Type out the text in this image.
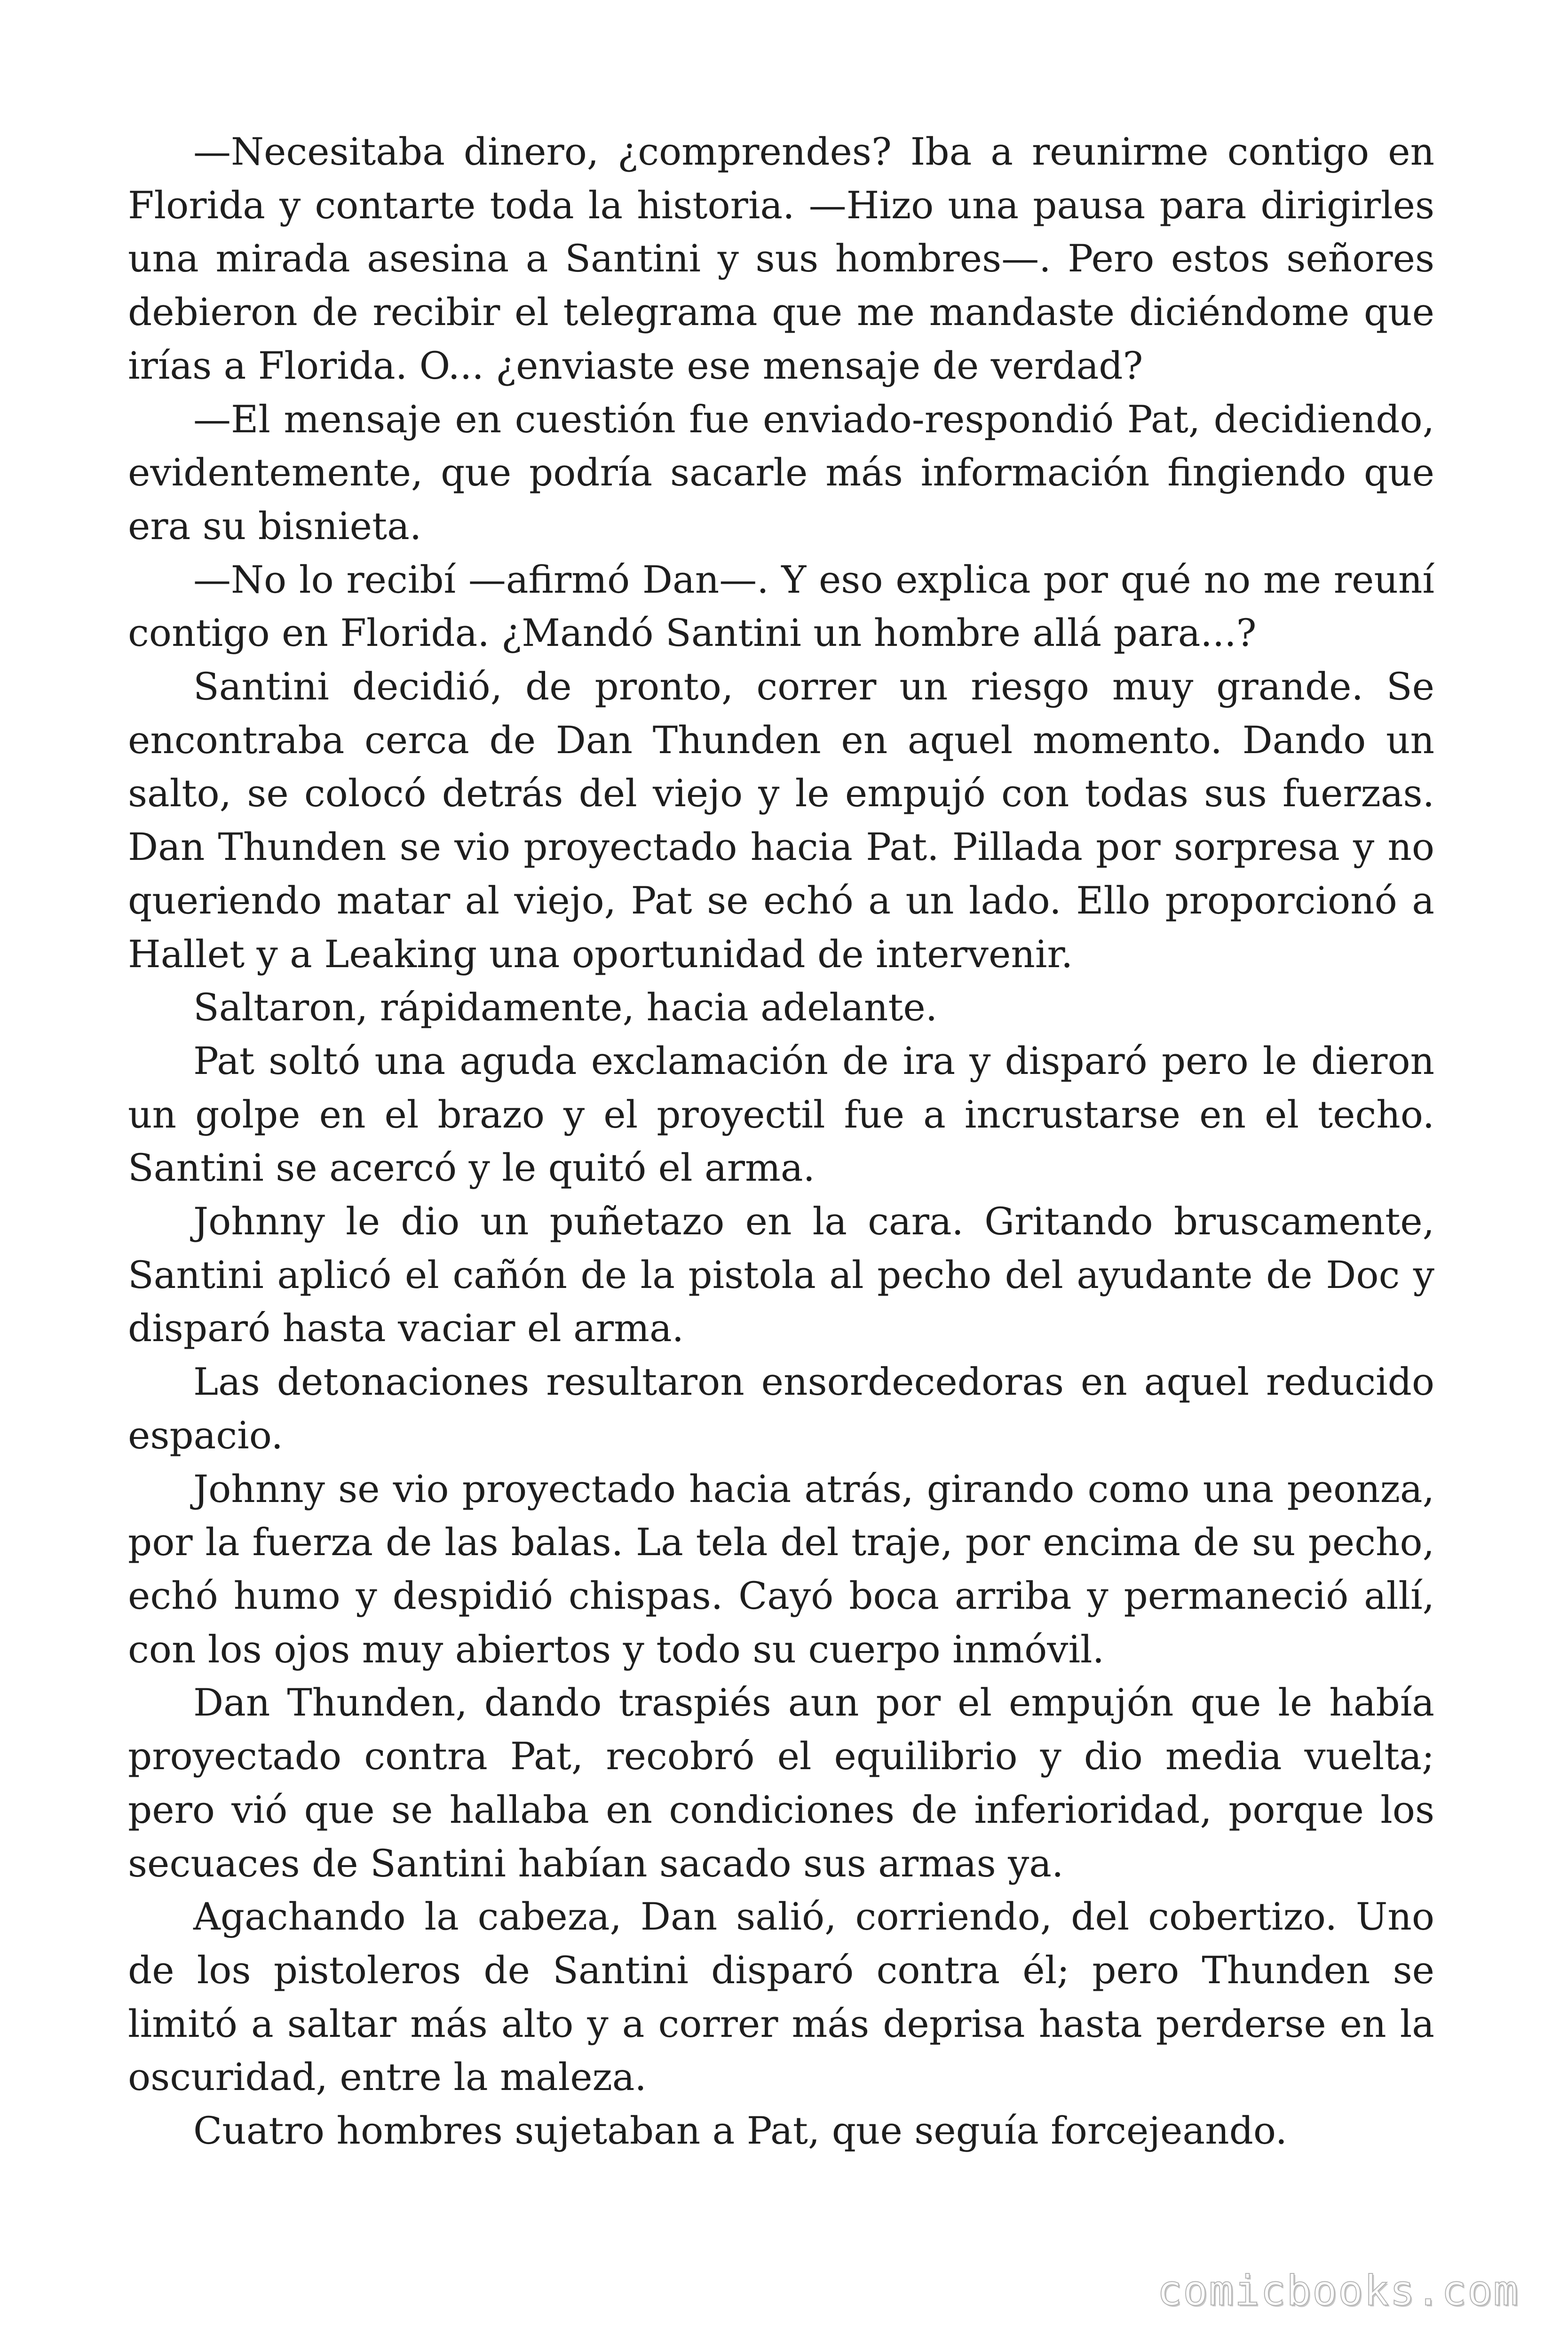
—Necesitaba dinero, ¿comprendes? Iba a reunirme contigo en Florida y contarte toda la historia. —Hizo una pausa para dirigirles una mirada asesina a Santini y sus hombres—. Pero estos señores debieron de recibir el telegrama que me mandaste diciéndome que irías a Florida. O... ¿enviaste ese mensaje de verdad?

—El mensaje en cuestión fue enviado-respondió Pat, decidiendo, evidentemente, que podría sacarle más información fingiendo que era su bisnieta.

—No lo recibí —afirmó Dan—. Y eso explica por qué no me reuní contigo en Florida. ¿Mandó Santini un hombre allá para...?

Santini decidió, de pronto, correr un riesgo muy grande. Se encontraba cerca de Dan Thunden en aquel momento. Dando un salto, se colocó detrás del viejo y le empujó con todas sus fuerzas. Dan Thunden se vio proyectado hacia Pat. Pillada por sorpresa y no queriendo matar al viejo, Pat se echó a un lado. Ello proporcionó a Hallet y a Leaking una oportunidad de intervenir.

Saltaron, rápidamente, hacia adelante.

Pat soltó una aguda exclamación de ira y disparó pero le dieron un golpe en el brazo y el proyectil fue a incrustarse en el techo. Santini se acercó y le quitó el arma.

Johnny le dio un puñetazo en la cara. Gritando bruscamente, Santini aplicó el cañón de la pistola al pecho del ayudante de Doc y disparó hasta vaciar el arma.

Las detonaciones resultaron ensordecedoras en aquel reducido espacio.

Johnny se vio proyectado hacia atrás, girando como una peonza, por la fuerza de las balas. La tela del traje, por encima de su pecho, echó humo y despidió chispas. Cayó boca arriba y permaneció allí, con los ojos muy abiertos y todo su cuerpo inmóvil.

Dan Thunden, dando traspiés aun por el empujón que le había proyectado contra Pat, recobró el equilibrio y dio media vuelta; pero vió que se hallaba en condiciones de inferioridad, porque los secuaces de Santini habían sacado sus armas ya.

Agachando la cabeza, Dan salió, corriendo, del cobertizo. Uno de los pistoleros de Santini disparó contra él; pero Thunden se limitó a saltar más alto y a correr más deprisa hasta perderse en la oscuridad, entre la maleza.

Cuatro hombres sujetaban a Pat, que seguía forcejeando.

comicbooks.com
